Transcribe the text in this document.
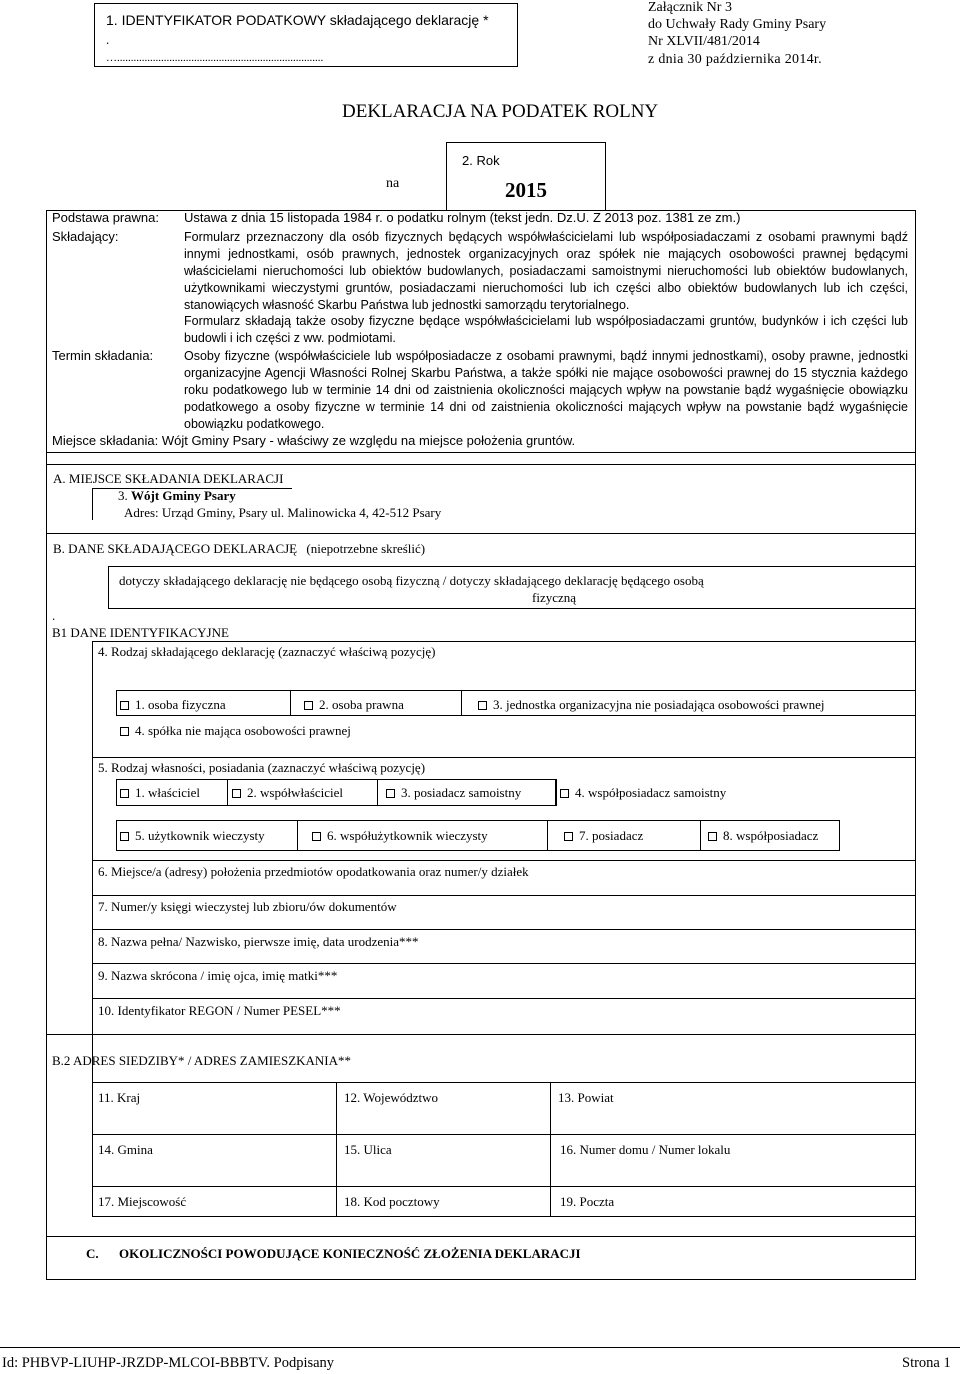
1. IDENTYFIKATOR PODATKOWY składającego deklarację *
.
…...........................................................................
Załącznik Nr 3
do Uchwały Rady Gminy Psary
Nr XLVII/481/2014
z dnia 30 października 2014r.
DEKLARACJA NA PODATEK ROLNY
na
2. Rok
2015
Podstawa prawna: Ustawa z dnia 15 listopada 1984 r. o podatku rolnym (tekst jedn. Dz.U. Z 2013 poz. 1381 ze zm.)
Składający:	Formularz przeznaczony dla osób fizycznych będących współwłaścicielami lub współposiadaczami z osobami prawnymi bądź innymi jednostkami, osób prawnych, jednostek organizacyjnych oraz spółek nie mających osobowości prawnej będącymi właścicielami nieruchomości lub obiektów budowlanych, posiadaczami samoistnymi nieruchomości lub obiektów budowlanych, użytkownikami wieczystymi gruntów, posiadaczami nieruchomości lub ich części albo obiektów budowlanych lub ich części, stanowiących własność Skarbu Państwa lub jednostki samorządu terytorialnego.
Formularz składają także osoby fizyczne będące współwłaścicielami lub współposiadaczami gruntów, budynków i ich części lub budowli i ich części z ww. podmiotami.
Termin składania: Osoby fizyczne (współwłaściciele lub współposiadacze z osobami prawnymi, bądź innymi jednostkami), osoby prawne, jednostki organizacyjne Agencji Własności Rolnej Skarbu Państwa, a także spółki nie mające osobowości prawnej do 15 stycznia każdego roku podatkowego lub w terminie 14 dni od zaistnienia okoliczności mających wpływ na powstanie bądź wygaśnięcie obowiązku podatkowego a osoby fizyczne w terminie 14 dni od zaistnienia okoliczności mających wpływ na powstanie bądź wygaśnięcie obowiązku podatkowego.
Miejsce składania: Wójt Gminy Psary - właściwy ze względu na miejsce położenia gruntów.
A. MIEJSCE SKŁADANIA DEKLARACJI
3. Wójt Gminy Psary
Adres: Urząd Gminy, Psary ul. Malinowicka 4, 42-512 Psary
B. DANE SKŁADAJĄCEGO DEKLARACJĘ (niepotrzebne skreślić)
dotyczy składającego deklarację nie będącego osobą fizyczną / dotyczy składającego deklarację będącego osobą
fizyczną
.
B1 DANE IDENTYFIKACYJNE
4. Rodzaj składającego deklarację (zaznaczyć właściwą pozycję)
1. osoba fizyczna	2. osoba prawna	3. jednostka organizacyjna nie posiadająca osobowości prawnej
4. spółka nie mająca osobowości prawnej
5. Rodzaj własności, posiadania (zaznaczyć właściwą pozycję)
1. właściciel	2. współwłaściciel	3. posiadacz samoistny	4. współposiadacz samoistny
5. użytkownik wieczysty	6. współużytkownik wieczysty	7. posiadacz	8. współposiadacz
6. Miejsce/a (adresy) położenia przedmiotów opodatkowania oraz numer/y działek
7. Numer/y księgi wieczystej lub zbioru/ów dokumentów
8. Nazwa pełna/ Nazwisko, pierwsze imię, data urodzenia***
9. Nazwa skrócona / imię ojca, imię matki***
10. Identyfikator REGON / Numer PESEL***
B.2 ADRES SIEDZIBY* / ADRES ZAMIESZKANIA**
11. Kraj	12. Województwo	13. Powiat
14. Gmina	15. Ulica	16. Numer domu / Numer lokalu
17. Miejscowość	18. Kod pocztowy	19. Poczta
C. OKOLICZNOŚCI POWODUJĄCE KONIECZNOŚĆ ZŁOŻENIA DEKLARACJI
Id: PHBVP-LIUHP-JRZDP-MLCOI-BBBTV. Podpisany	Strona 1
